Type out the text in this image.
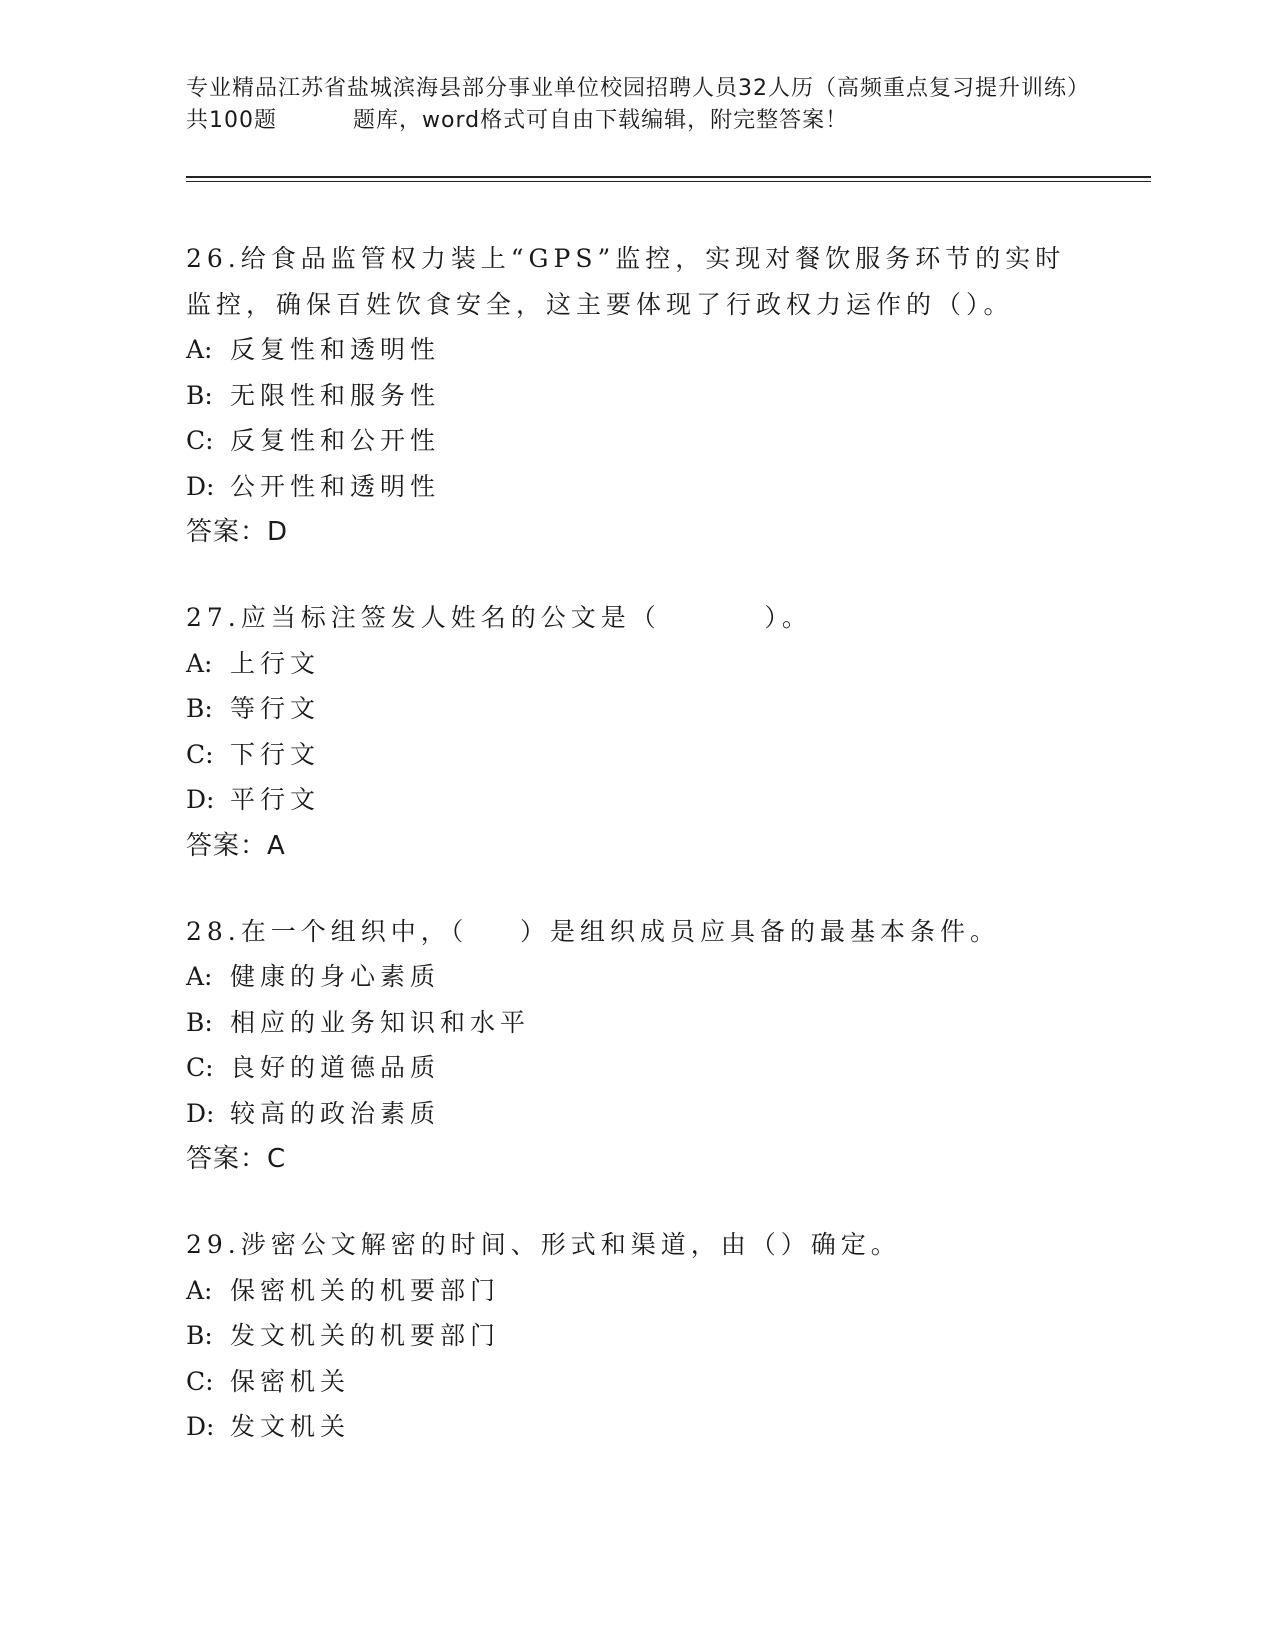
专业精品江苏省盐城滨海县部分事业单位校园招聘人员32人历（高频重点复习提升训练）共100题	题库，word格式可自由下载编辑，附完整答案！
26.给食品监管权力装上“GPS”监控，实现对餐饮服务环节的实时监控，确保百姓饮食安全，这主要体现了行政权力运作的（）。
A: 反复性和透明性
B: 无限性和服务性
C: 反复性和公开性
D: 公开性和透明性
答案：D
27.应当标注签发人姓名的公文是（        ）。
A: 上行文
B: 等行文
C: 下行文
D: 平行文
答案：A
28.在一个组织中，（    ）是组织成员应具备的最基本条件。
A: 健康的身心素质
B: 相应的业务知识和水平
C: 良好的道德品质
D: 较高的政治素质
答案：C
29.涉密公文解密的时间、形式和渠道，由（）确定。
A: 保密机关的机要部门
B: 发文机关的机要部门
C: 保密机关
D: 发文机关
